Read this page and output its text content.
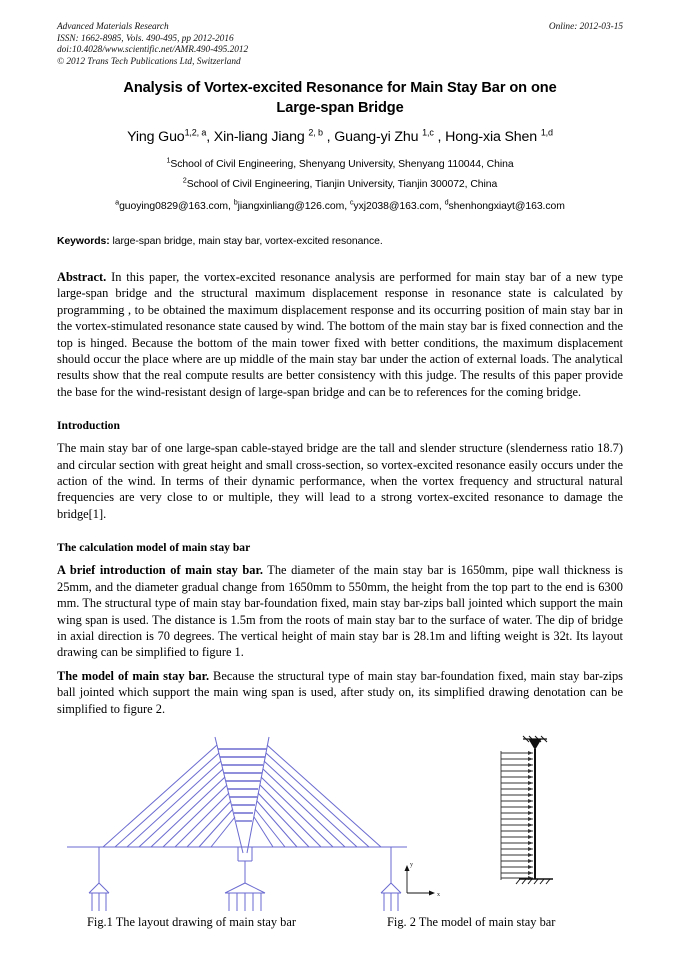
Advanced Materials Research
ISSN: 1662-8985, Vols. 490-495, pp 2012-2016
doi:10.4028/www.scientific.net/AMR.490-495.2012
© 2012 Trans Tech Publications Ltd, Switzerland
Online: 2012-03-15
Analysis of Vortex-excited Resonance for Main Stay Bar on one
Large-span Bridge
Ying Guo$^{1,2, a}$, Xin-liang Jiang $^{2, b}$ , Guang-yi Zhu $^{1,c}$ , Hong-xia Shen $^{1,d}$
$^1$School of Civil Engineering, Shenyang University, Shenyang 110044, China
$^2$School of Civil Engineering, Tianjin University, Tianjin 300072, China
$^a$guoying0829@163.com, $^b$jiangxinliang@126.com, $^c$yxj2038@163.com, $^d$shenhongxiayt@163.com
Keywords: large-span bridge, main stay bar, vortex-excited resonance.
Abstract. In this paper, the vortex-excited resonance analysis are performed for main stay bar of a new type large-span bridge and the structural maximum displacement response in resonance state is calculated by programming , to be obtained the maximum displacement response and its occurring position of main stay bar in the vortex-stimulated resonance state caused by wind. The bottom of the main stay bar is fixed connection and the top is hinged. Because the bottom of the main tower fixed with better conditions, the maximum displacement should occur the place where are up middle of the main stay bar under the action of external loads. The analytical results show that the real compute results are better consistency with this judge. The results of this paper provide the base for the wind-resistant design of large-span bridge and can be to references for the coming bridge.
Introduction
The main stay bar of one large-span cable-stayed bridge are the tall and slender structure (slenderness ratio 18.7) and circular section with great height and small cross-section, so vortex-excited resonance easily occurs under the action of the wind. In terms of their dynamic performance, when the vortex frequency and structural natural frequencies are very close to or multiple, they will lead to a strong vortex-excited resonance to damage the bridge[1].
The calculation model of main stay bar
A brief introduction of main stay bar. The diameter of the main stay bar is 1650mm, pipe wall thickness is 25mm, and the diameter gradual change from 1650mm to 550mm, the height from the top part to the end is 6300 mm. The structural type of main stay bar-foundation fixed, main stay bar-zips ball jointed which support the main wing span is used. The distance is 1.5m from the roots of main stay bar to the surface of water. The dip of bridge in axial direction is 70 degrees. The vertical height of main stay bar is 28.1m and lifting weight is 32t. Its layout drawing can be simplified to figure 1.
The model of main stay bar. Because the structural type of main stay bar-foundation fixed, main stay bar-zips ball jointed which support the main wing span is used, after study on, its simplified drawing denotation can be simplified to figure 2.
y
x
Fig.1 The layout drawing of main stay bar	Fig. 2 The model of main stay bar
